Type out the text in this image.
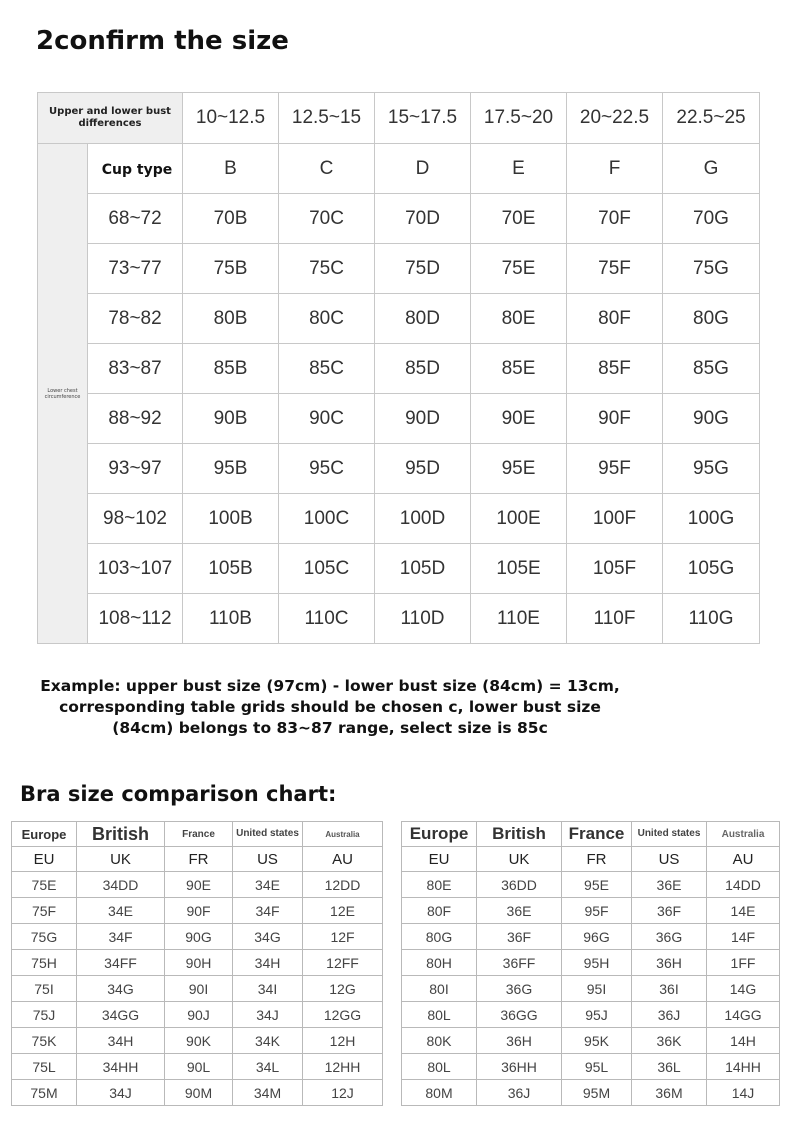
2confirm the size
Upper and lower bust differences		10~12.5	12.5~15	15~17.5	17.5~20	20~22.5	22.5~25

Lower chest circumference	Cup type	B	C	D	E	F	G
	68~72	70B	70C	70D	70E	70F	70G
	73~77	75B	75C	75D	75E	75F	75G
	78~82	80B	80C	80D	80E	80F	80G
	83~87	85B	85C	85D	85E	85F	85G
	88~92	90B	90C	90D	90E	90F	90G
	93~97	95B	95C	95D	95E	95F	95G
	98~102	100B	100C	100D	100E	100F	100G
	103~107	105B	105C	105D	105E	105F	105G
	108~112	110B	110C	110D	110E	110F	110G
Example: upper bust size (97cm) - lower bust size (84cm) = 13cm,
corresponding table grids should be chosen c, lower bust size
(84cm) belongs to 83~87 range, select size is 85c
Bra size comparison chart:
Europe	British	France	United states	Australia
EU	UK	FR	US	AU
75E	34DD	90E	34E	12DD
75F	34E	90F	34F	12E
75G	34F	90G	34G	12F
75H	34FF	90H	34H	12FF
75I	34G	90I	34I	12G
75J	34GG	90J	34J	12GG
75K	34H	90K	34K	12H
75L	34HH	90L	34L	12HH
75M	34J	90M	34M	12J
Europe	British	France	United states	Australia
EU	UK	FR	US	AU
80E	36DD	95E	36E	14DD
80F	36E	95F	36F	14E
80G	36F	96G	36G	14F
80H	36FF	95H	36H	1FF
80I	36G	95I	36I	14G
80L	36GG	95J	36J	14GG
80K	36H	95K	36K	14H
80L	36HH	95L	36L	14HH
80M	36J	95M	36M	14J
